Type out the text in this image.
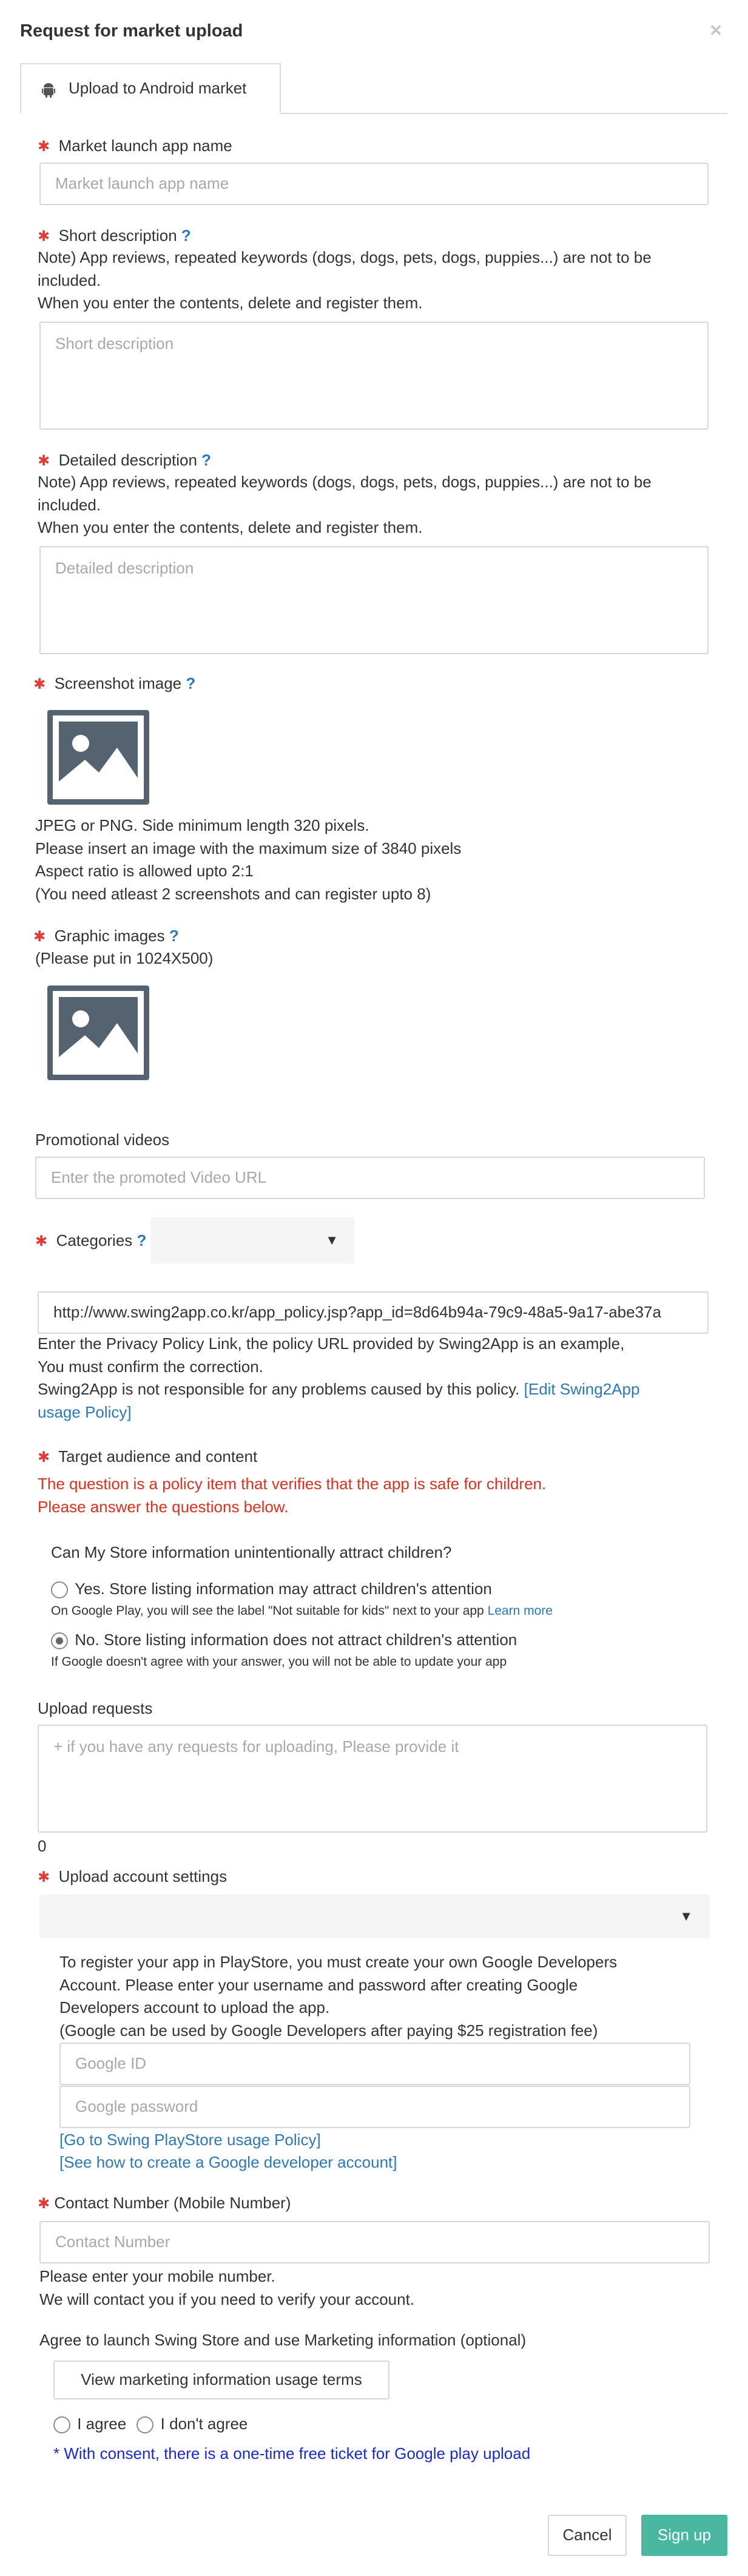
Request for market upload	×
Upload to Android market
✱ Market launch app name
Market launch app name
✱ Short description ?
Note) App reviews, repeated keywords (dogs, dogs, pets, dogs, puppies...) are not to be
included.
When you enter the contents, delete and register them.
Short description
✱ Detailed description ?
Note) App reviews, repeated keywords (dogs, dogs, pets, dogs, puppies...) are not to be
included.
When you enter the contents, delete and register them.
Detailed description
✱ Screenshot image ?
JPEG or PNG. Side minimum length 320 pixels.
Please insert an image with the maximum size of 3840 pixels
Aspect ratio is allowed upto 2:1
(You need atleast 2 screenshots and can register upto 8)
✱ Graphic images ?
(Please put in 1024X500)
Promotional videos
Enter the promoted Video URL
✱ Categories ?	▼
http://www.swing2app.co.kr/app_policy.jsp?app_id=8d64b94a-79c9-48a5-9a17-abe37a
Enter the Privacy Policy Link, the policy URL provided by Swing2App is an example,
You must confirm the correction.
Swing2App is not responsible for any problems caused by this policy. [Edit Swing2App
usage Policy]
✱ Target audience and content
The question is a policy item that verifies that the app is safe for children.
Please answer the questions below.
Can My Store information unintentionally attract children?
Yes. Store listing information may attract children's attention
On Google Play, you will see the label "Not suitable for kids" next to your app Learn more
No. Store listing information does not attract children's attention
If Google doesn't agree with your answer, you will not be able to update your app
Upload requests
+ if you have any requests for uploading, Please provide it
0
✱ Upload account settings
▼
To register your app in PlayStore, you must create your own Google Developers
Account. Please enter your username and password after creating Google
Developers account to upload the app.
(Google can be used by Google Developers after paying $25 registration fee)
Google ID
Google password
[Go to Swing PlayStore usage Policy]
[See how to create a Google developer account]
✱ Contact Number (Mobile Number)
Contact Number
Please enter your mobile number.
We will contact you if you need to verify your account.
Agree to launch Swing Store and use Marketing information (optional)
View marketing information usage terms
I agree I don't agree
* With consent, there is a one-time free ticket for Google play upload
Cancel	Sign up
